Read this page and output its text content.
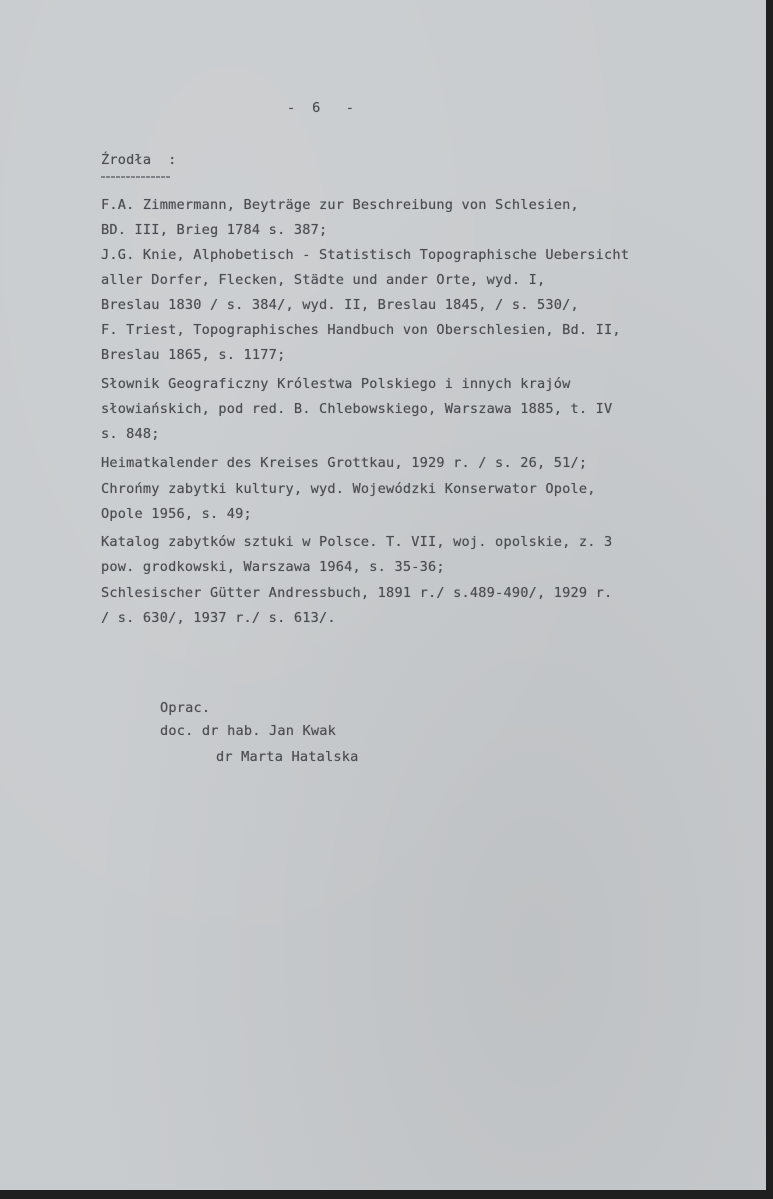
-  6   -
Źrodła  :
F.A. Zimmermann, Beyträge zur Beschreibung von Schlesien,
BD. III, Brieg 1784 s. 387;
J.G. Knie, Alphobetisch - Statistisch Topographische Uebersicht
aller Dorfer, Flecken, Städte und ander Orte, wyd. I,
Breslau 1830 / s. 384/, wyd. II, Breslau 1845, / s. 530/,
F. Triest, Topographisches Handbuch von Oberschlesien, Bd. II,
Breslau 1865, s. 1177;
Słownik Geograficzny Królestwa Polskiego i innych krajów
słowiańskich, pod red. B. Chlebowskiego, Warszawa 1885, t. IV
s. 848;
Heimatkalender des Kreises Grottkau, 1929 r. / s. 26, 51/;
Chrońmy zabytki kultury, wyd. Wojewódzki Konserwator Opole,
Opole 1956, s. 49;
Katalog zabytków sztuki w Polsce. T. VII, woj. opolskie, z. 3
pow. grodkowski, Warszawa 1964, s. 35-36;
Schlesischer Gütter Andressbuch, 1891 r./ s.489-490/, 1929 r.
/ s. 630/, 1937 r./ s. 613/.
Oprac.
doc. dr hab. Jan Kwak
dr Marta Hatalska
